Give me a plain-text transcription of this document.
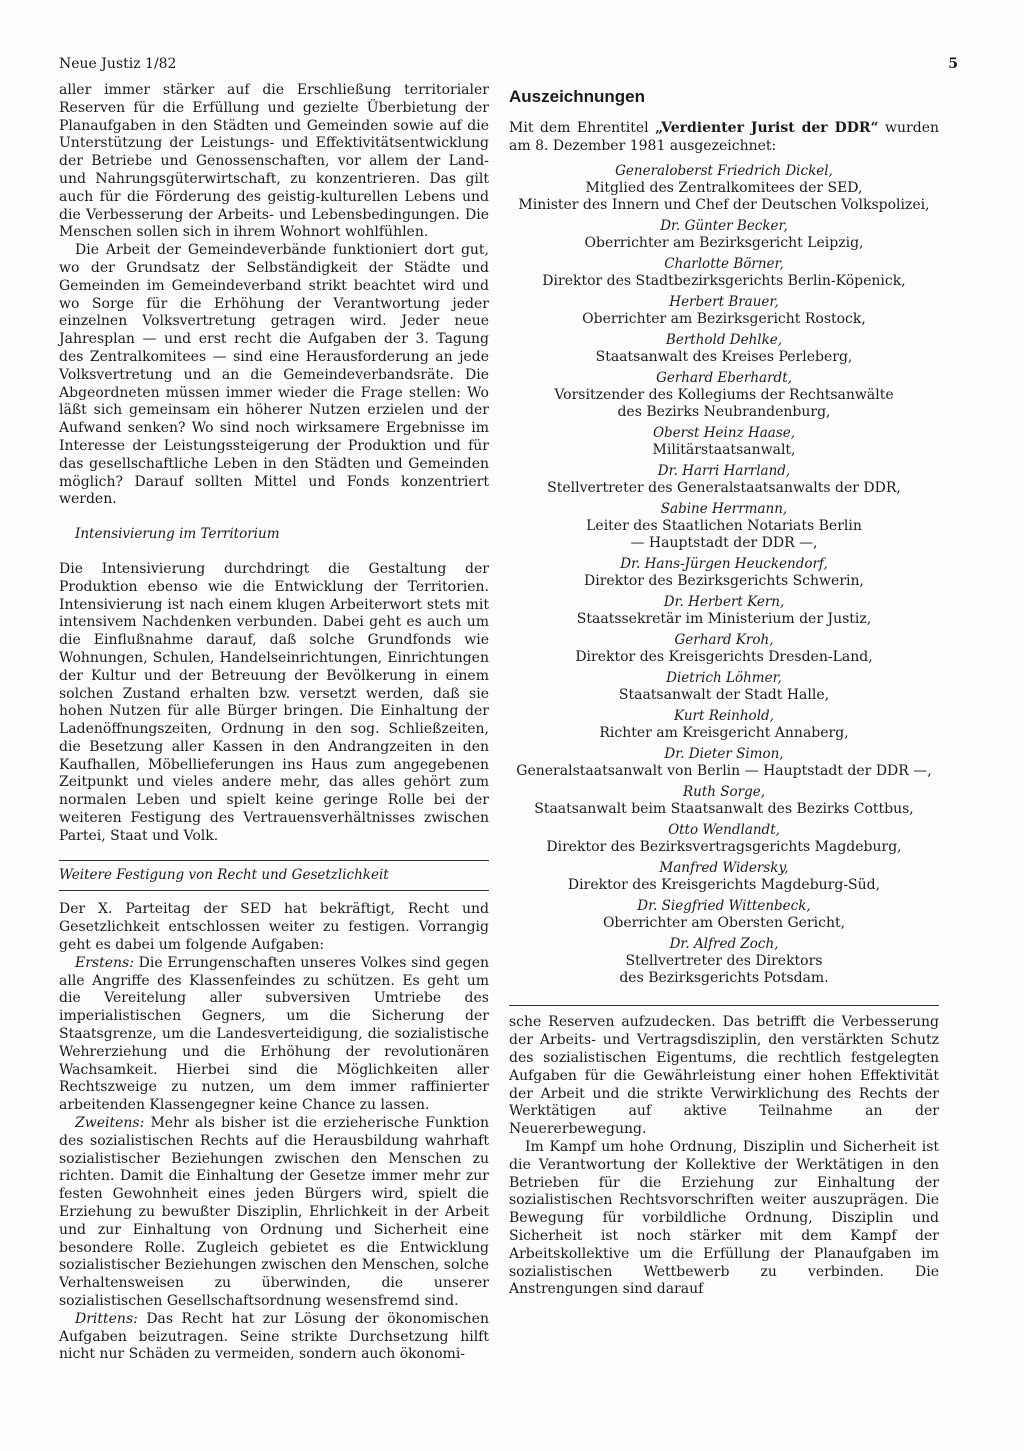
Neue Justiz 1/82	5

aller immer stärker auf die Erschließung territorialer Reserven für die Erfüllung und gezielte Überbietung der Planaufgaben in den Städten und Gemeinden sowie auf die Unterstützung der Leistungs- und Effektivitätsentwicklung der Betriebe und Genossenschaften, vor allem der Land- und Nahrungsgüterwirtschaft, zu konzentrieren. Das gilt auch für die Förderung des geistig-kulturellen Lebens und die Verbesserung der Arbeits- und Lebensbedingungen. Die Menschen sollen sich in ihrem Wohnort wohlfühlen.

Die Arbeit der Gemeindeverbände funktioniert dort gut, wo der Grundsatz der Selbständigkeit der Städte und Gemeinden im Gemeindeverband strikt beachtet wird und wo Sorge für die Erhöhung der Verantwortung jeder einzelnen Volksvertretung getragen wird. Jeder neue Jahresplan — und erst recht die Aufgaben der 3. Tagung des Zentralkomitees — sind eine Herausforderung an jede Volksvertretung und an die Gemeindeverbandsräte. Die Abgeordneten müssen immer wieder die Frage stellen: Wo läßt sich gemeinsam ein höherer Nutzen erzielen und der Aufwand senken? Wo sind noch wirksamere Ergebnisse im Interesse der Leistungssteigerung der Produktion und für das gesellschaftliche Leben in den Städten und Gemeinden möglich? Darauf sollten Mittel und Fonds konzentriert werden.

Intensivierung im Territorium

Die Intensivierung durchdringt die Gestaltung der Produktion ebenso wie die Entwicklung der Territorien. Intensivierung ist nach einem klugen Arbeiterwort stets mit intensivem Nachdenken verbunden. Dabei geht es auch um die Einflußnahme darauf, daß solche Grundfonds wie Wohnungen, Schulen, Handelseinrichtungen, Einrichtungen der Kultur und der Betreuung der Bevölkerung in einem solchen Zustand erhalten bzw. versetzt werden, daß sie hohen Nutzen für alle Bürger bringen. Die Einhaltung der Ladenöffnungszeiten, Ordnung in den sog. Schließzeiten, die Besetzung aller Kassen in den Andrangzeiten in den Kaufhallen, Möbellieferungen ins Haus zum angegebenen Zeitpunkt und vieles andere mehr, das alles gehört zum normalen Leben und spielt keine geringe Rolle bei der weiteren Festigung des Vertrauensverhältnisses zwischen Partei, Staat und Volk.

Weitere Festigung von Recht und Gesetzlichkeit

Der X. Parteitag der SED hat bekräftigt, Recht und Gesetzlichkeit entschlossen weiter zu festigen. Vorrangig geht es dabei um folgende Aufgaben:

Erstens: Die Errungenschaften unseres Volkes sind gegen alle Angriffe des Klassenfeindes zu schützen. Es geht um die Vereitelung aller subversiven Umtriebe des imperialistischen Gegners, um die Sicherung der Staatsgrenze, um die Landesverteidigung, die sozialistische Wehrerziehung und die Erhöhung der revolutionären Wachsamkeit. Hierbei sind die Möglichkeiten aller Rechtszweige zu nutzen, um dem immer raffinierter arbeitenden Klassengegner keine Chance zu lassen.

Zweitens: Mehr als bisher ist die erzieherische Funktion des sozialistischen Rechts auf die Herausbildung wahrhaft sozialistischer Beziehungen zwischen den Menschen zu richten. Damit die Einhaltung der Gesetze immer mehr zur festen Gewohnheit eines jeden Bürgers wird, spielt die Erziehung zu bewußter Disziplin, Ehrlichkeit in der Arbeit und zur Einhaltung von Ordnung und Sicherheit eine besondere Rolle. Zugleich gebietet es die Entwicklung sozialistischer Beziehungen zwischen den Menschen, solche Verhaltensweisen zu überwinden, die unserer sozialistischen Gesellschaftsordnung wesensfremd sind.

Drittens: Das Recht hat zur Lösung der ökonomischen Aufgaben beizutragen. Seine strikte Durchsetzung hilft nicht nur Schäden zu vermeiden, sondern auch ökonomi-

Auszeichnungen

Mit dem Ehrentitel „Verdienter Jurist der DDR“ wurden am 8. Dezember 1981 ausgezeichnet:

Generaloberst Friedrich Dickel,
Mitglied des Zentralkomitees der SED,
Minister des Innern und Chef der Deutschen Volkspolizei,
Dr. Günter Becker,
Oberrichter am Bezirksgericht Leipzig,
Charlotte Börner,
Direktor des Stadtbezirksgerichts Berlin-Köpenick,
Herbert Brauer,
Oberrichter am Bezirksgericht Rostock,
Berthold Dehlke,
Staatsanwalt des Kreises Perleberg,
Gerhard Eberhardt,
Vorsitzender des Kollegiums der Rechtsanwälte
des Bezirks Neubrandenburg,
Oberst Heinz Haase,
Militärstaatsanwalt,
Dr. Harri Harrland,
Stellvertreter des Generalstaatsanwalts der DDR,
Sabine Herrmann,
Leiter des Staatlichen Notariats Berlin
— Hauptstadt der DDR —,
Dr. Hans-Jürgen Heuckendorf,
Direktor des Bezirksgerichts Schwerin,
Dr. Herbert Kern,
Staatssekretär im Ministerium der Justiz,
Gerhard Kroh,
Direktor des Kreisgerichts Dresden-Land,
Dietrich Löhmer,
Staatsanwalt der Stadt Halle,
Kurt Reinhold,
Richter am Kreisgericht Annaberg,
Dr. Dieter Simon,
Generalstaatsanwalt von Berlin — Hauptstadt der DDR —,
Ruth Sorge,
Staatsanwalt beim Staatsanwalt des Bezirks Cottbus,
Otto Wendlandt,
Direktor des Bezirksvertragsgerichts Magdeburg,
Manfred Widersky,
Direktor des Kreisgerichts Magdeburg-Süd,
Dr. Siegfried Wittenbeck,
Oberrichter am Obersten Gericht,
Dr. Alfred Zoch,
Stellvertreter des Direktors
des Bezirksgerichts Potsdam.

sche Reserven aufzudecken. Das betrifft die Verbesserung der Arbeits- und Vertragsdisziplin, den verstärkten Schutz des sozialistischen Eigentums, die rechtlich festgelegten Aufgaben für die Gewährleistung einer hohen Effektivität der Arbeit und die strikte Verwirklichung des Rechts der Werktätigen auf aktive Teilnahme an der Neuererbewegung.

Im Kampf um hohe Ordnung, Disziplin und Sicherheit ist die Verantwortung der Kollektive der Werktätigen in den Betrieben für die Erziehung zur Einhaltung der sozialistischen Rechtsvorschriften weiter auszuprägen. Die Bewegung für vorbildliche Ordnung, Disziplin und Sicherheit ist noch stärker mit dem Kampf der Arbeitskollektive um die Erfüllung der Planaufgaben im sozialistischen Wettbewerb zu verbinden. Die Anstrengungen sind darauf
